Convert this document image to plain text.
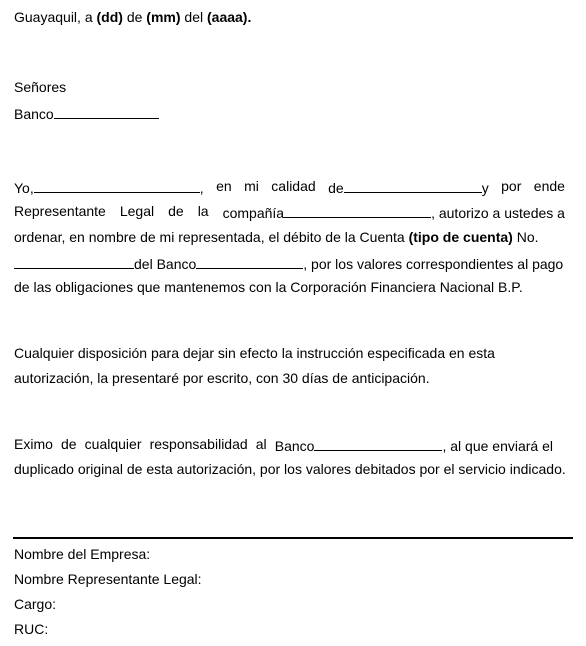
Guayaquil, a (dd) de (mm) del (aaaa).
Señores
Banco
Yo,	, en mi calidad de	y por ende
Representante Legal de la compañía	, autorizo a ustedes a
ordenar, en nombre de mi representada, el débito de la Cuenta (tipo de cuenta) No.
del Banco	, por los valores correspondientes al pago
de las obligaciones que mantenemos con la Corporación Financiera Nacional B.P.
Cualquier disposición para dejar sin efecto la instrucción especificada en esta
autorización, la presentaré por escrito, con 30 días de anticipación.
Eximo de cualquier responsabilidad al Banco	, al que enviará el
duplicado original de esta autorización, por los valores debitados por el servicio indicado.
Nombre del Empresa:
Nombre Representante Legal:
Cargo:
RUC:
